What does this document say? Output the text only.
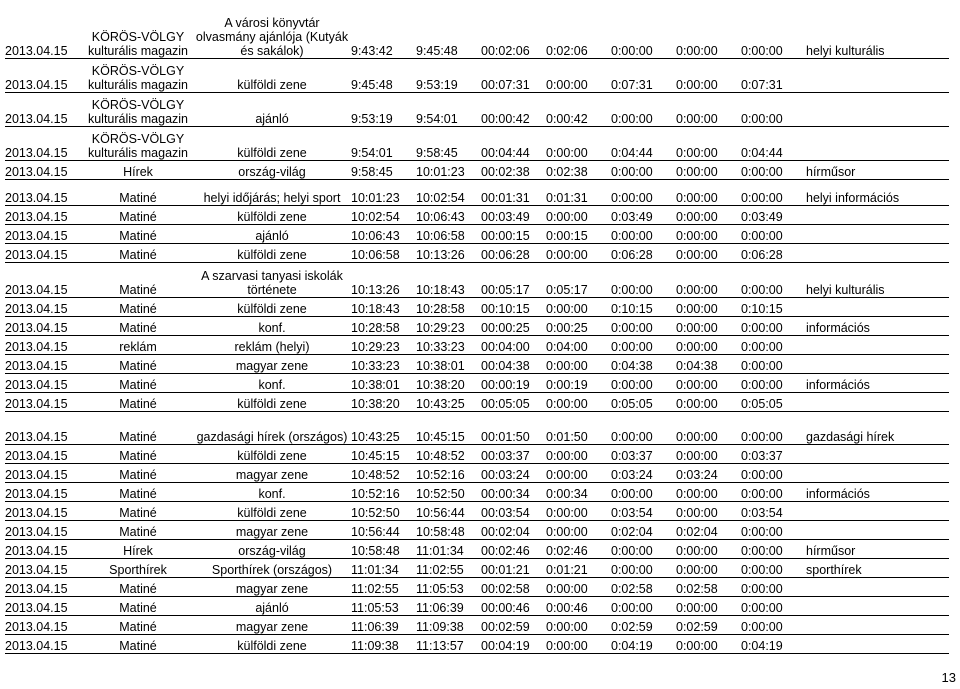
2013.04.15	KÖRÖS-VÖLGY kulturális magazin	A városi könyvtár olvasmány ajánlója (Kutyák és sakálok)	9:43:42	9:45:48	00:02:06	0:02:06	0:00:00	0:00:00	0:00:00	helyi kulturális
2013.04.15	KÖRÖS-VÖLGY kulturális magazin	külföldi zene	9:45:48	9:53:19	00:07:31	0:00:00	0:07:31	0:00:00	0:07:31	
2013.04.15	KÖRÖS-VÖLGY kulturális magazin	ajánló	9:53:19	9:54:01	00:00:42	0:00:42	0:00:00	0:00:00	0:00:00	
2013.04.15	KÖRÖS-VÖLGY kulturális magazin	külföldi zene	9:54:01	9:58:45	00:04:44	0:00:00	0:04:44	0:00:00	0:04:44	
2013.04.15	Hírek	ország-világ	9:58:45	10:01:23	00:02:38	0:02:38	0:00:00	0:00:00	0:00:00	hírműsor
2013.04.15	Matiné	helyi időjárás; helyi sport	10:01:23	10:02:54	00:01:31	0:01:31	0:00:00	0:00:00	0:00:00	helyi információs
2013.04.15	Matiné	külföldi zene	10:02:54	10:06:43	00:03:49	0:00:00	0:03:49	0:00:00	0:03:49	
2013.04.15	Matiné	ajánló	10:06:43	10:06:58	00:00:15	0:00:15	0:00:00	0:00:00	0:00:00	
2013.04.15	Matiné	külföldi zene	10:06:58	10:13:26	00:06:28	0:00:00	0:06:28	0:00:00	0:06:28	
2013.04.15	Matiné	A szarvasi tanyasi iskolák története	10:13:26	10:18:43	00:05:17	0:05:17	0:00:00	0:00:00	0:00:00	helyi kulturális
2013.04.15	Matiné	külföldi zene	10:18:43	10:28:58	00:10:15	0:00:00	0:10:15	0:00:00	0:10:15	
2013.04.15	Matiné	konf.	10:28:58	10:29:23	00:00:25	0:00:25	0:00:00	0:00:00	0:00:00	információs
2013.04.15	reklám	reklám (helyi)	10:29:23	10:33:23	00:04:00	0:04:00	0:00:00	0:00:00	0:00:00	
2013.04.15	Matiné	magyar zene	10:33:23	10:38:01	00:04:38	0:00:00	0:04:38	0:04:38	0:00:00	
2013.04.15	Matiné	konf.	10:38:01	10:38:20	00:00:19	0:00:19	0:00:00	0:00:00	0:00:00	információs
2013.04.15	Matiné	külföldi zene	10:38:20	10:43:25	00:05:05	0:00:00	0:05:05	0:00:00	0:05:05	
2013.04.15	Matiné	gazdasági hírek (országos)	10:43:25	10:45:15	00:01:50	0:01:50	0:00:00	0:00:00	0:00:00	gazdasági hírek
2013.04.15	Matiné	külföldi zene	10:45:15	10:48:52	00:03:37	0:00:00	0:03:37	0:00:00	0:03:37	
2013.04.15	Matiné	magyar zene	10:48:52	10:52:16	00:03:24	0:00:00	0:03:24	0:03:24	0:00:00	
2013.04.15	Matiné	konf.	10:52:16	10:52:50	00:00:34	0:00:34	0:00:00	0:00:00	0:00:00	információs
2013.04.15	Matiné	külföldi zene	10:52:50	10:56:44	00:03:54	0:00:00	0:03:54	0:00:00	0:03:54	
2013.04.15	Matiné	magyar zene	10:56:44	10:58:48	00:02:04	0:00:00	0:02:04	0:02:04	0:00:00	
2013.04.15	Hírek	ország-világ	10:58:48	11:01:34	00:02:46	0:02:46	0:00:00	0:00:00	0:00:00	hírműsor
2013.04.15	Sporthírek	Sporthírek (országos)	11:01:34	11:02:55	00:01:21	0:01:21	0:00:00	0:00:00	0:00:00	sporthírek
2013.04.15	Matiné	magyar zene	11:02:55	11:05:53	00:02:58	0:00:00	0:02:58	0:02:58	0:00:00	
2013.04.15	Matiné	ajánló	11:05:53	11:06:39	00:00:46	0:00:46	0:00:00	0:00:00	0:00:00	
2013.04.15	Matiné	magyar zene	11:06:39	11:09:38	00:02:59	0:00:00	0:02:59	0:02:59	0:00:00	
2013.04.15	Matiné	külföldi zene	11:09:38	11:13:57	00:04:19	0:00:00	0:04:19	0:00:00	0:04:19	
13
